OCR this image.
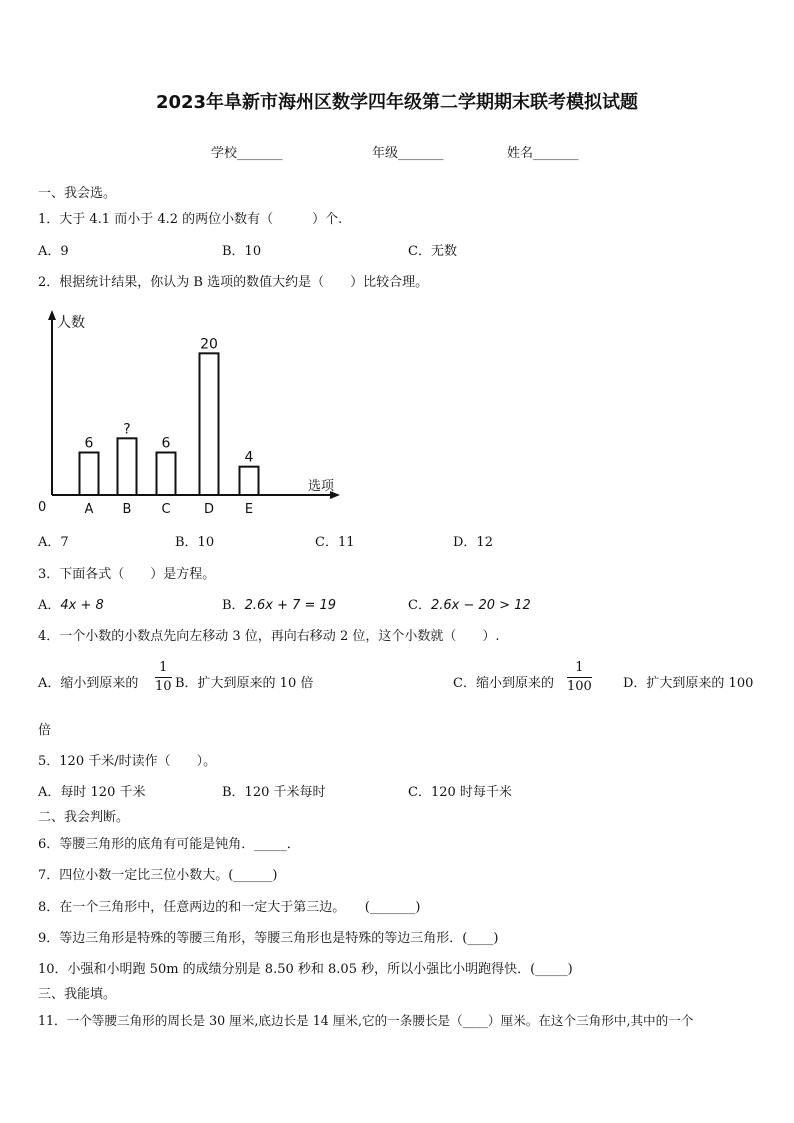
2023年阜新市海州区数学四年级第二学期期末联考模拟试题
学校_______	年级_______	姓名_______
一、我会选。
1．大于 4.1 而小于 4.2 的两位小数有（　　　）个.
A．9	B．10	C．无数
2．根据统计结果，你认为 B 选项的数值大约是（　　）比较合理。
人数
选项
0
6
A
?
B
6
C
20
D
4
E
A．7	B．10	C．11	D．12
3．下面各式（　　）是方程。
A．4x + 8	B．2.6x + 7 = 19	C．2.6x − 20 > 12
4．一个小数的小数点先向左移动 3 位，再向右移动 2 位，这个小数就（　　）.
A．缩小到原来的
1
10 B．扩大到原来的 10 倍	C．缩小到原来的
1
100 D．扩大到原来的 100
倍
5．120 千米/时读作（　　）。
A．每时 120 千米	B．120 千米每时	C．120 时每千米
二、我会判断。
6．等腰三角形的底角有可能是钝角．_____．
7．四位小数一定比三位小数大。(______)
8．在一个三角形中，任意两边的和一定大于第三边。　　(_______)
9．等边三角形是特殊的等腰三角形，等腰三角形也是特殊的等边三角形．(____)
10．小强和小明跑 50m 的成绩分别是 8.50 秒和 8.05 秒，所以小强比小明跑得快．(_____)
三、我能填。
11．一个等腰三角形的周长是 30 厘米,底边长是 14 厘米,它的一条腰长是（____）厘米。在这个三角形中,其中的一个
